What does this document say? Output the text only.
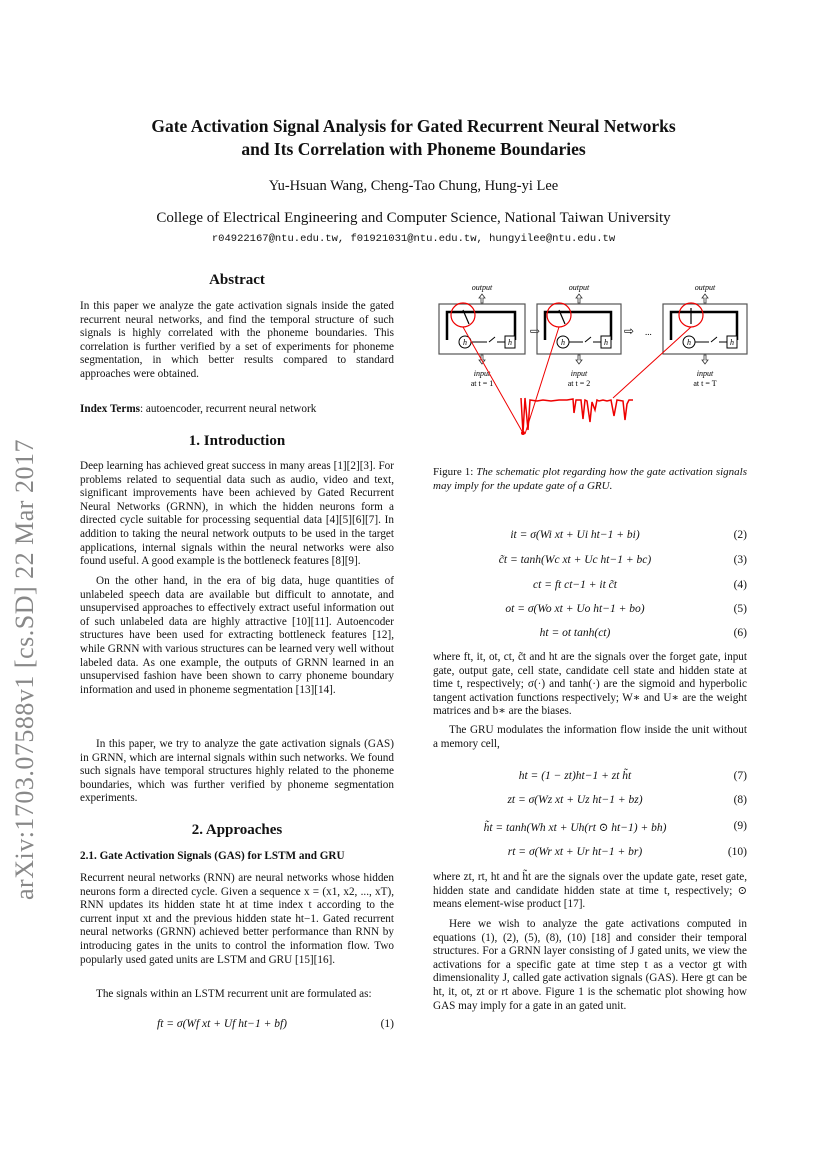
Gate Activation Signal Analysis for Gated Recurrent Neural Networks
and Its Correlation with Phoneme Boundaries
Yu-Hsuan Wang, Cheng-Tao Chung, Hung-yi Lee
College of Electrical Engineering and Computer Science, National Taiwan University
r04922167@ntu.edu.tw, f01921031@ntu.edu.tw, hungyilee@ntu.edu.tw
arXiv:1703.07588v1 [cs.SD] 22 Mar 2017
Abstract

In this paper we analyze the gate activation signals inside the gated recurrent neural networks, and find the temporal structure of such signals is highly correlated with the phoneme boundaries. This correlation is further verified by a set of experiments for phoneme segmentation, in which better results compared to standard approaches were obtained.

Index Terms: autoencoder, recurrent neural network

1. Introduction

Deep learning has achieved great success in many areas [1][2][3]. For problems related to sequential data such as audio, video and text, significant improvements have been achieved by Gated Recurrent Neural Networks (GRNN), in which the hidden neurons form a directed cycle suitable for processing sequential data [4][5][6][7]. In addition to taking the neural network outputs to be used in the target applications, internal signals within the neural networks were also found useful. A good example is the bottleneck features [8][9].

On the other hand, in the era of big data, huge quantities of unlabeled speech data are available but difficult to annotate, and unsupervised approaches to effectively extract useful information out of such unlabeled data are highly attractive [10][11]. Autoencoder structures have been used for extracting bottleneck features [12], while GRNN with various structures can be learned very well without labeled data. As one example, the outputs of GRNN learned in an unsupervised fashion have been shown to carry phoneme boundary information and used in phoneme segmentation [13][14].

In this paper, we try to analyze the gate activation signals (GAS) in GRNN, which are internal signals within such networks. We found such signals have temporal structures highly related to the phoneme boundaries, which was further verified by phoneme segmentation experiments.

2. Approaches
2.1. Gate Activation Signals (GAS) for LSTM and GRU

Recurrent neural networks (RNN) are neural networks whose hidden neurons form a directed cycle. Given a sequence x = (x1, x2, ..., xT), RNN updates its hidden state ht at time index t according to the current input xt and the previous hidden state ht−1. Gated recurrent neural networks (GRNN) achieved better performance than RNN by introducing gates in the units to control the information flow. Two popularly used gated units are LSTM and GRU [15][16].

The signals within an LSTM recurrent unit are formulated as:

ft = σ(Wf xt + Uf ht−1 + bf)	(1)
output
h	h
input
at t = 1
⇨
output
h	h
input
at t = 2
⇨ ...
output
h	h
input
at t = T
Figure 1: The schematic plot regarding how the gate activation signals may imply for the update gate of a GRU.
it = σ(Wi xt + Ui ht−1 + bi)	(2)
c̃t = tanh(Wc xt + Uc ht−1 + bc)	(3)
ct = ft ct−1 + it c̃t	(4)
ot = σ(Wo xt + Uo ht−1 + bo)	(5)
ht = ot tanh(ct)	(6)

where ft, it, ot, ct, c̃t and ht are the signals over the forget gate, input gate, output gate, cell state, candidate cell state and hidden state at time t, respectively; σ(·) and tanh(·) are the sigmoid and hyperbolic tangent activation functions respectively; W∗ and U∗ are the weight matrices and b∗ are the biases.

The GRU modulates the information flow inside the unit without a memory cell,

ht = (1 − zt)ht−1 + zt h̃t	(7)
zt = σ(Wz xt + Uz ht−1 + bz)	(8)
h̃t = tanh(Wh xt + Uh(rt ⊙ ht−1) + bh)	(9)
rt = σ(Wr xt + Ur ht−1 + br)	(10)

where zt, rt, ht and h̃t are the signals over the update gate, reset gate, hidden state and candidate hidden state at time t, respectively; ⊙ means element-wise product [17].

Here we wish to analyze the gate activations computed in equations (1), (2), (5), (8), (10) [18] and consider their temporal structures. For a GRNN layer consisting of J gated units, we view the activations for a specific gate at time step t as a vector gt with dimensionality J, called gate activation signals (GAS). Here gt can be ht, it, ot, zt or rt above. Figure 1 is the schematic plot showing how GAS may imply for a gate in an gated unit.
